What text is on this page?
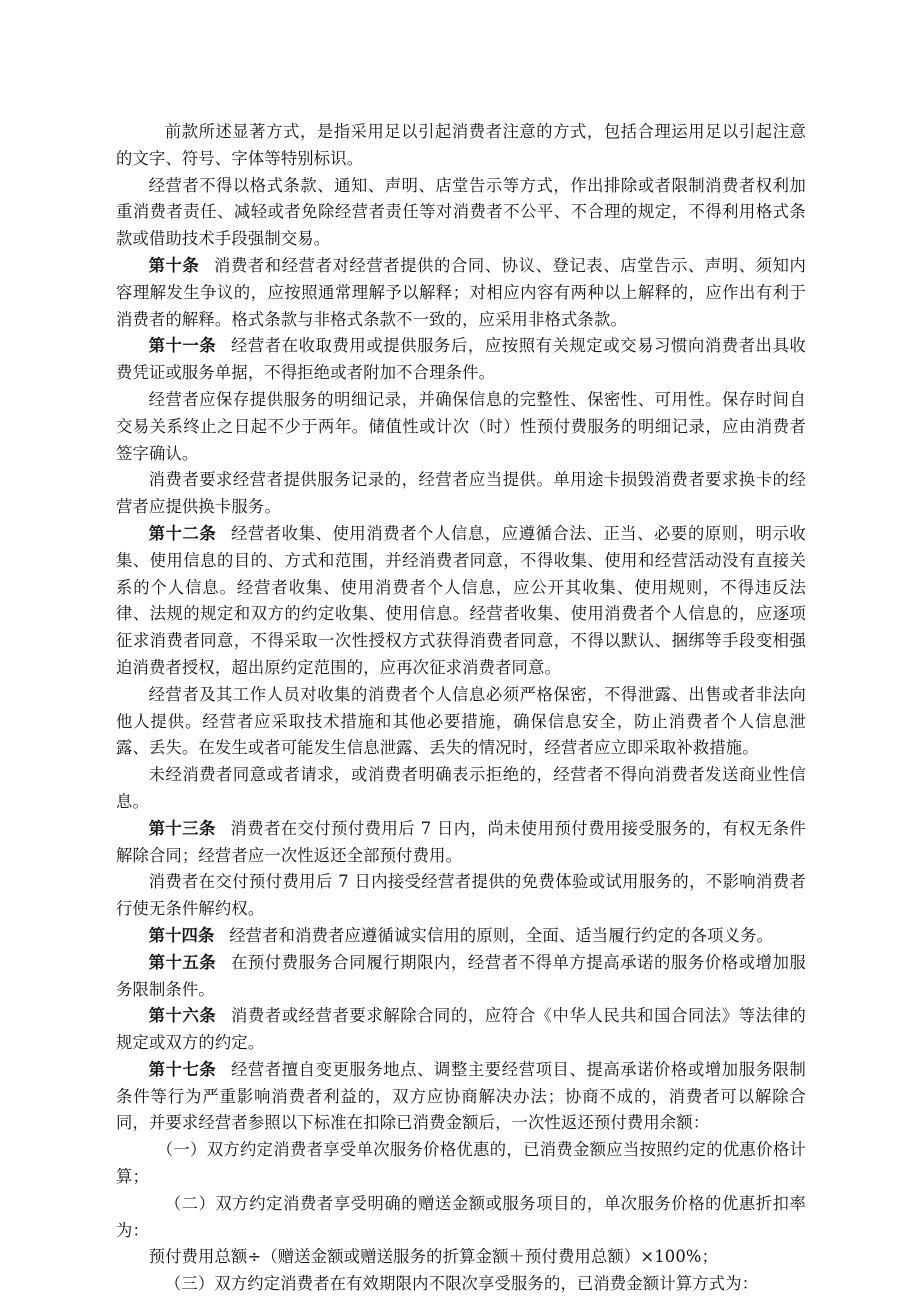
前款所述显著方式，是指采用足以引起消费者注意的方式，包括合理运用足以引起注意的文字、符号、字体等特别标识。

经营者不得以格式条款、通知、声明、店堂告示等方式，作出排除或者限制消费者权利加重消费者责任、减轻或者免除经营者责任等对消费者不公平、不合理的规定，不得利用格式条款或借助技术手段强制交易。

第十条 消费者和经营者对经营者提供的合同、协议、登记表、店堂告示、声明、须知内容理解发生争议的，应按照通常理解予以解释；对相应内容有两种以上解释的，应作出有利于消费者的解释。格式条款与非格式条款不一致的，应采用非格式条款。

第十一条 经营者在收取费用或提供服务后，应按照有关规定或交易习惯向消费者出具收费凭证或服务单据，不得拒绝或者附加不合理条件。

经营者应保存提供服务的明细记录，并确保信息的完整性、保密性、可用性。保存时间自交易关系终止之日起不少于两年。储值性或计次（时）性预付费服务的明细记录，应由消费者签字确认。

消费者要求经营者提供服务记录的，经营者应当提供。单用途卡损毁消费者要求换卡的经营者应提供换卡服务。

第十二条 经营者收集、使用消费者个人信息，应遵循合法、正当、必要的原则，明示收集、使用信息的目的、方式和范围，并经消费者同意，不得收集、使用和经营活动没有直接关系的个人信息。经营者收集、使用消费者个人信息，应公开其收集、使用规则，不得违反法律、法规的规定和双方的约定收集、使用信息。经营者收集、使用消费者个人信息的，应逐项征求消费者同意，不得采取一次性授权方式获得消费者同意，不得以默认、捆绑等手段变相强迫消费者授权，超出原约定范围的，应再次征求消费者同意。

经营者及其工作人员对收集的消费者个人信息必须严格保密，不得泄露、出售或者非法向他人提供。经营者应采取技术措施和其他必要措施，确保信息安全，防止消费者个人信息泄露、丢失。在发生或者可能发生信息泄露、丢失的情况时，经营者应立即采取补救措施。

未经消费者同意或者请求，或消费者明确表示拒绝的，经营者不得向消费者发送商业性信息。

第十三条 消费者在交付预付费用后 7 日内，尚未使用预付费用接受服务的，有权无条件解除合同；经营者应一次性返还全部预付费用。

消费者在交付预付费用后 7 日内接受经营者提供的免费体验或试用服务的，不影响消费者行使无条件解约权。

第十四条 经营者和消费者应遵循诚实信用的原则，全面、适当履行约定的各项义务。

第十五条 在预付费服务合同履行期限内，经营者不得单方提高承诺的服务价格或增加服务限制条件。

第十六条 消费者或经营者要求解除合同的，应符合《中华人民共和国合同法》等法律的规定或双方的约定。

第十七条 经营者擅自变更服务地点、调整主要经营项目、提高承诺价格或增加服务限制条件等行为严重影响消费者利益的，双方应协商解决办法；协商不成的，消费者可以解除合同，并要求经营者参照以下标准在扣除已消费金额后，一次性返还预付费用余额：

（一）双方约定消费者享受单次服务价格优惠的，已消费金额应当按照约定的优惠价格计算；

（二）双方约定消费者享受明确的赠送金额或服务项目的，单次服务价格的优惠折扣率为：

预付费用总额÷（赠送金额或赠送服务的折算金额＋预付费用总额）×100%；

（三）双方约定消费者在有效期限内不限次享受服务的，已消费金额计算方式为：
